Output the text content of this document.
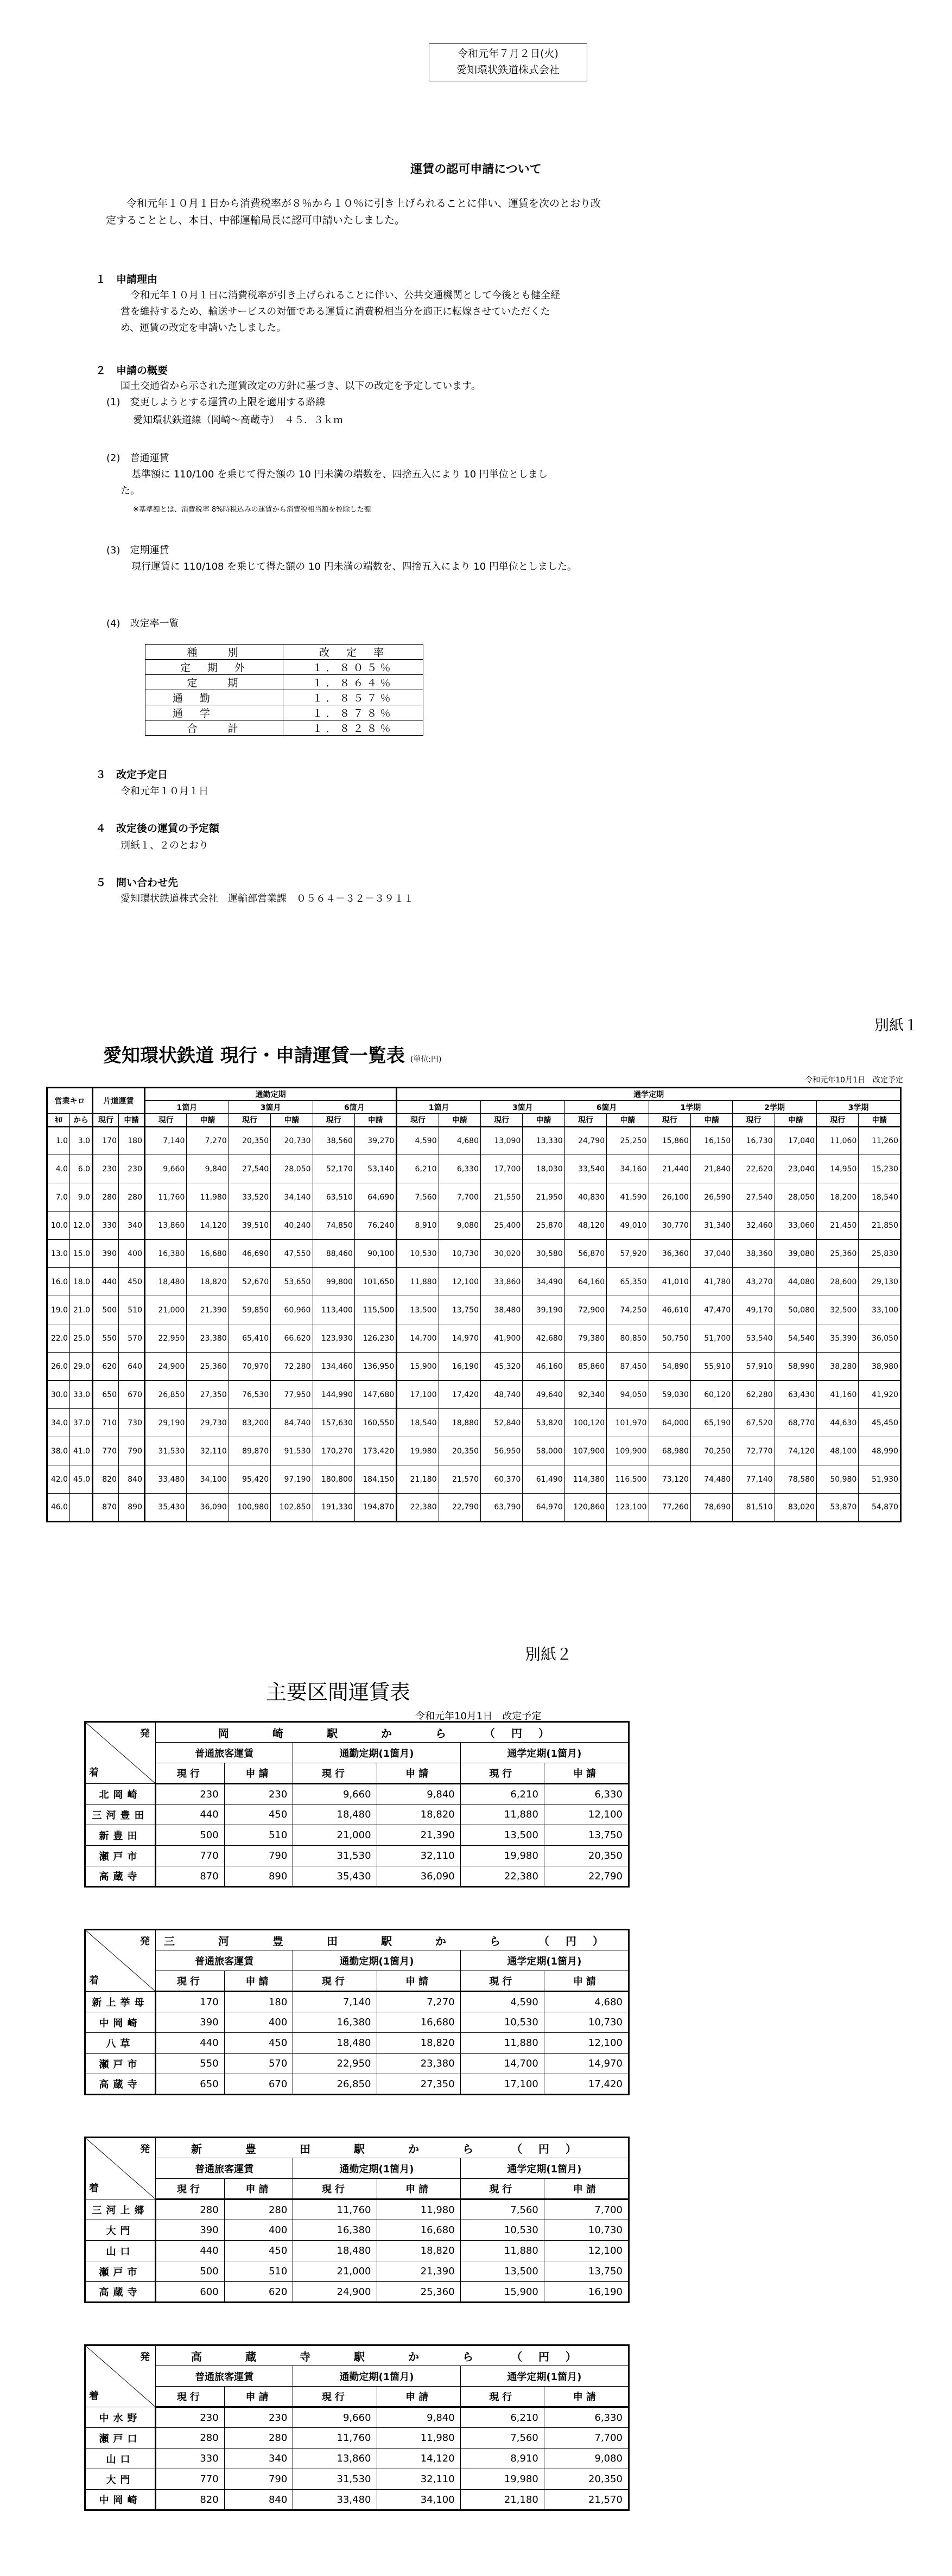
令和元年７月２日(火)
愛知環状鉄道株式会社
運賃の認可申請について
令和元年１０月１日から消費税率が８％から１０％に引き上げられることに伴い、運賃を次のとおり改定することとし、本日、中部運輸局長に認可申請いたしました。
１　申請理由
令和元年１０月１日に消費税率が引き上げられることに伴い、公共交通機関として今後とも健全経営を維持するため、輸送サービスの対価である運賃に消費税相当分を適正に転嫁させていただくため、運賃の改定を申請いたしました。
２　申請の概要
国土交通省から示された運賃改定の方針に基づき、以下の改定を予定しています。
(1)　変更しようとする運賃の上限を適用する路線
愛知環状鉄道線（岡崎～高蔵寺）　４５．３ｋｍ
(2)　普通運賃
基準額に 110/100 を乗じて得た額の 10 円未満の端数を、四捨五入により 10 円単位としました。
※基準額とは、消費税率 8%時税込みの運賃から消費税相当額を控除した額
(3)　定期運賃
現行運賃に 110/108 を乗じて得た額の 10 円未満の端数を、四捨五入により 10 円単位としました。
(4)　改定率一覧
種　　別	改　定　率
定　期　外	１．８０５％
定　　期	１．８６４％
通　勤	１．８５７％
通　学	１．８７８％
合　　計	１．８２８％
３　改定予定日
令和元年１０月１日
４　改定後の運賃の予定額
別紙１、２のとおり
５　問い合わせ先
愛知環状鉄道株式会社　運輸部営業課　０５６４－３２－３９１１
別紙１
愛知環状鉄道 現行・申請運賃一覧表 (単位:円)
令和元年10月1日　改定予定
営業キロ		片道運賃		通勤定期						通学定期											
				1箇月		3箇月		6箇月		1箇月		3箇月		6箇月		1学期		2学期		3学期	
ｷﾛ	から	現行	申請	現行	申請	現行	申請	現行	申請	現行	申請	現行	申請	現行	申請	現行	申請	現行	申請	現行	申請
1.0	3.0	170	180	7,140	7,270	20,350	20,730	38,560	39,270	4,590	4,680	13,090	13,330	24,790	25,250	15,860	16,150	16,730	17,040	11,060	11,260
4.0	6.0	230	230	9,660	9,840	27,540	28,050	52,170	53,140	6,210	6,330	17,700	18,030	33,540	34,160	21,440	21,840	22,620	23,040	14,950	15,230
7.0	9.0	280	280	11,760	11,980	33,520	34,140	63,510	64,690	7,560	7,700	21,550	21,950	40,830	41,590	26,100	26,590	27,540	28,050	18,200	18,540
10.0	12.0	330	340	13,860	14,120	39,510	40,240	74,850	76,240	8,910	9,080	25,400	25,870	48,120	49,010	30,770	31,340	32,460	33,060	21,450	21,850
13.0	15.0	390	400	16,380	16,680	46,690	47,550	88,460	90,100	10,530	10,730	30,020	30,580	56,870	57,920	36,360	37,040	38,360	39,080	25,360	25,830
16.0	18.0	440	450	18,480	18,820	52,670	53,650	99,800	101,650	11,880	12,100	33,860	34,490	64,160	65,350	41,010	41,780	43,270	44,080	28,600	29,130
19.0	21.0	500	510	21,000	21,390	59,850	60,960	113,400	115,500	13,500	13,750	38,480	39,190	72,900	74,250	46,610	47,470	49,170	50,080	32,500	33,100
22.0	25.0	550	570	22,950	23,380	65,410	66,620	123,930	126,230	14,700	14,970	41,900	42,680	79,380	80,850	50,750	51,700	53,540	54,540	35,390	36,050
26.0	29.0	620	640	24,900	25,360	70,970	72,280	134,460	136,950	15,900	16,190	45,320	46,160	85,860	87,450	54,890	55,910	57,910	58,990	38,280	38,980
30.0	33.0	650	670	26,850	27,350	76,530	77,950	144,990	147,680	17,100	17,420	48,740	49,640	92,340	94,050	59,030	60,120	62,280	63,430	41,160	41,920
34.0	37.0	710	730	29,190	29,730	83,200	84,740	157,630	160,550	18,540	18,880	52,840	53,820	100,120	101,970	64,000	65,190	67,520	68,770	44,630	45,450
38.0	41.0	770	790	31,530	32,110	89,870	91,530	170,270	173,420	19,980	20,350	56,950	58,000	107,900	109,900	68,980	70,250	72,770	74,120	48,100	48,990
42.0	45.0	820	840	33,480	34,100	95,420	97,190	180,800	184,150	21,180	21,570	60,370	61,490	114,380	116,500	73,120	74,480	77,140	78,580	50,980	51,930
46.0		870	890	35,430	36,090	100,980	102,850	191,330	194,870	22,380	22,790	63,790	64,970	120,860	123,100	77,260	78,690	81,510	83,020	53,870	54,870
別紙２
主要区間運賃表
令和元年10月1日　改定予定
発
着	岡　崎　駅　か　ら　（円）					
	普通旅客運賃		通勤定期(1箇月)		通学定期(1箇月)	
	現行	申請	現行	申請	現行	申請
北岡崎	230	230	9,660	9,840	6,210	6,330
三河豊田	440	450	18,480	18,820	11,880	12,100
新豊田	500	510	21,000	21,390	13,500	13,750
瀬戸市	770	790	31,530	32,110	19,980	20,350
高蔵寺	870	890	35,430	36,090	22,380	22,790
発
着	三　河　豊　田　駅　か　ら　（円）					
	普通旅客運賃		通勤定期(1箇月)		通学定期(1箇月)	
	現行	申請	現行	申請	現行	申請
新上挙母	170	180	7,140	7,270	4,590	4,680
中岡崎	390	400	16,380	16,680	10,530	10,730
八草	440	450	18,480	18,820	11,880	12,100
瀬戸市	550	570	22,950	23,380	14,700	14,970
高蔵寺	650	670	26,850	27,350	17,100	17,420
発
着	新　豊　田　駅　か　ら　（円）					
	普通旅客運賃		通勤定期(1箇月)		通学定期(1箇月)	
	現行	申請	現行	申請	現行	申請
三河上郷	280	280	11,760	11,980	7,560	7,700
大門	390	400	16,380	16,680	10,530	10,730
山口	440	450	18,480	18,820	11,880	12,100
瀬戸市	500	510	21,000	21,390	13,500	13,750
高蔵寺	600	620	24,900	25,360	15,900	16,190
発
着	高　蔵　寺　駅　か　ら　（円）					
	普通旅客運賃		通勤定期(1箇月)		通学定期(1箇月)	
	現行	申請	現行	申請	現行	申請
中水野	230	230	9,660	9,840	6,210	6,330
瀬戸口	280	280	11,760	11,980	7,560	7,700
山口	330	340	13,860	14,120	8,910	9,080
大門	770	790	31,530	32,110	19,980	20,350
中岡崎	820	840	33,480	34,100	21,180	21,570
